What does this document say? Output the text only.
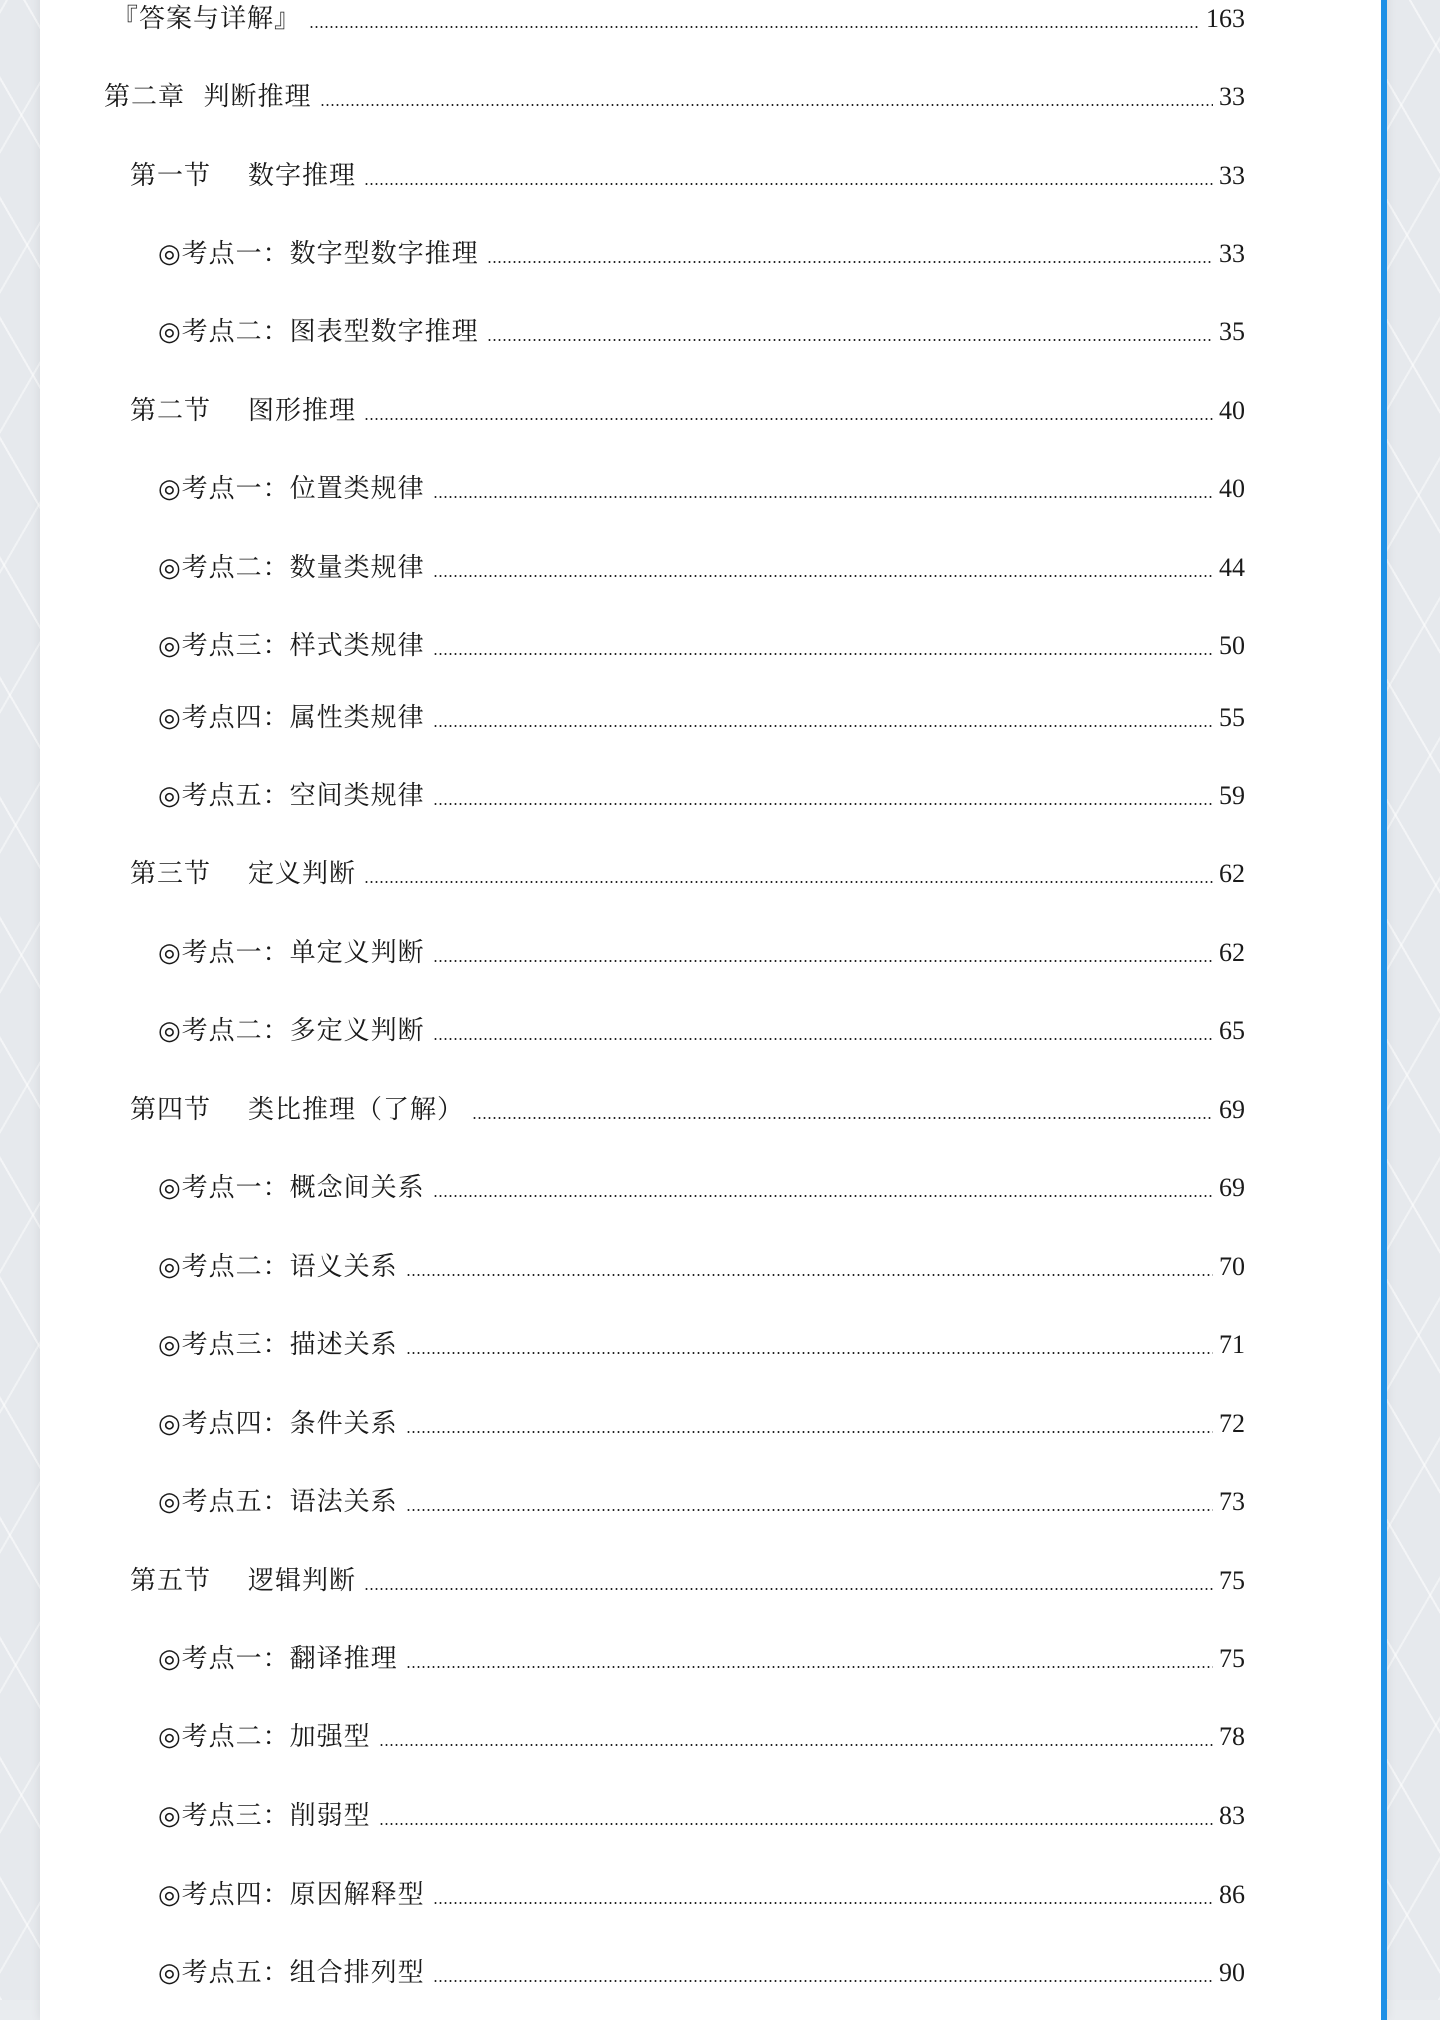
『答案与详解』	163
第二章  判断推理	33
第一节    数字推理	33
◎考点一：数字型数字推理	33
◎考点二：图表型数字推理	35
第二节    图形推理	40
◎考点一：位置类规律	40
◎考点二：数量类规律	44
◎考点三：样式类规律	50
◎考点四：属性类规律	55
◎考点五：空间类规律	59
第三节    定义判断	62
◎考点一：单定义判断	62
◎考点二：多定义判断	65
第四节    类比推理（了解）	69
◎考点一：概念间关系	69
◎考点二：语义关系	70
◎考点三：描述关系	71
◎考点四：条件关系	72
◎考点五：语法关系	73
第五节    逻辑判断	75
◎考点一：翻译推理	75
◎考点二：加强型	78
◎考点三：削弱型	83
◎考点四：原因解释型	86
◎考点五：组合排列型	90
